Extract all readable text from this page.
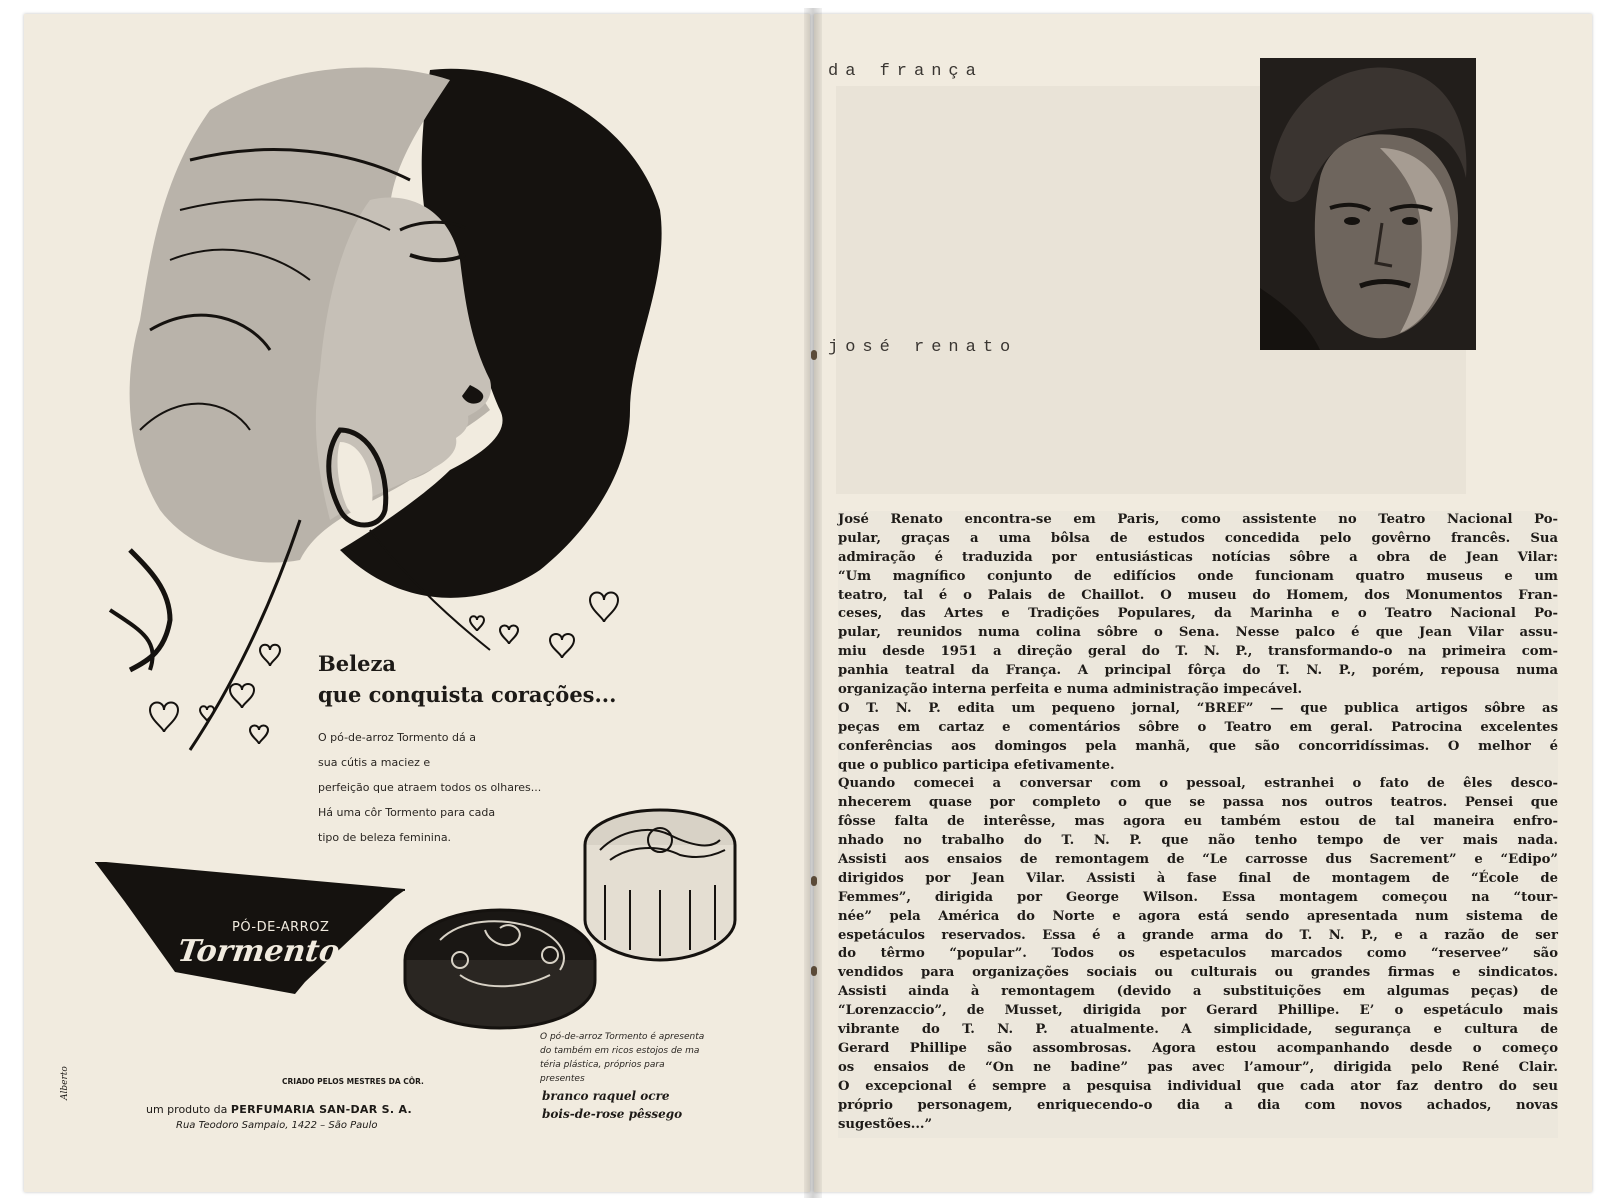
Beleza
que conquista corações...
O pó-de-arroz Tormento dá a
sua cútis a maciez e
perfeição que atraem todos os olhares...
Há uma côr Tormento para cada
tipo de beleza feminina.
PÓ-DE-ARROZ
Tormento
O pó-de-arroz Tormento é apresenta
do também em ricos estojos de ma
téria plástica, próprios para presentes
branco raquel ocre
bois-de-rose pêssego
CRIADO PELOS MESTRES DA CÔR.
um produto da PERFUMARIA SAN-DAR S. A.
Rua Teodoro Sampaio, 1422 – São Paulo
Alberto
da frança
josé renato
José Renato encontra-se em Paris, como assistente no Teatro Nacional Po-
pular, graças a uma bôlsa de estudos concedida pelo govêrno francês. Sua
admiração é traduzida por entusiásticas notícias sôbre a obra de Jean Vilar:
“Um magnífico conjunto de edifícios onde funcionam quatro museus e um
teatro, tal é o Palais de Chaillot. O museu do Homem, dos Monumentos Fran-
ceses, das Artes e Tradições Populares, da Marinha e o Teatro Nacional Po-
pular, reunidos numa colina sôbre o Sena. Nesse palco é que Jean Vilar assu-
miu desde 1951 a direção geral do T. N. P., transformando-o na primeira com-
panhia teatral da França. A principal fôrça do T. N. P., porém, repousa numa
organização interna perfeita e numa administração impecável.
O T. N. P. edita um pequeno jornal, “BREF” — que publica artigos sôbre as
peças em cartaz e comentários sôbre o Teatro em geral. Patrocina excelentes
conferências aos domingos pela manhã, que são concorridíssimas. O melhor é
que o publico participa efetivamente.
Quando comecei a conversar com o pessoal, estranhei o fato de êles desco-
nhecerem quase por completo o que se passa nos outros teatros. Pensei que
fôsse falta de interêsse, mas agora eu também estou de tal maneira enfro-
nhado no trabalho do T. N. P. que não tenho tempo de ver mais nada.
Assisti aos ensaios de remontagem de “Le carrosse dus Sacrement” e “Edipo”
dirigidos por Jean Vilar. Assisti à fase final de montagem de “École de
Femmes”, dirigida por George Wilson. Essa montagem começou na “tour-
née” pela América do Norte e agora está sendo apresentada num sistema de
espetáculos reservados. Essa é a grande arma do T. N. P., e a razão de ser
do têrmo “popular”. Todos os espetaculos marcados como “reservee” são
vendidos para organizações sociais ou culturais ou grandes firmas e sindicatos.
Assisti ainda à remontagem (devido a substituições em algumas peças) de
“Lorenzaccio”, de Musset, dirigida por Gerard Phillipe. E’ o espetáculo mais
vibrante do T. N. P. atualmente. A simplicidade, segurança e cultura de
Gerard Phillipe são assombrosas. Agora estou acompanhando desde o começo
os ensaios de “On ne badine” pas avec l’amour”, dirigida pelo René Clair.
O excepcional é sempre a pesquisa individual que cada ator faz dentro do seu
próprio personagem, enriquecendo-o dia a dia com novos achados, novas
sugestões...”
